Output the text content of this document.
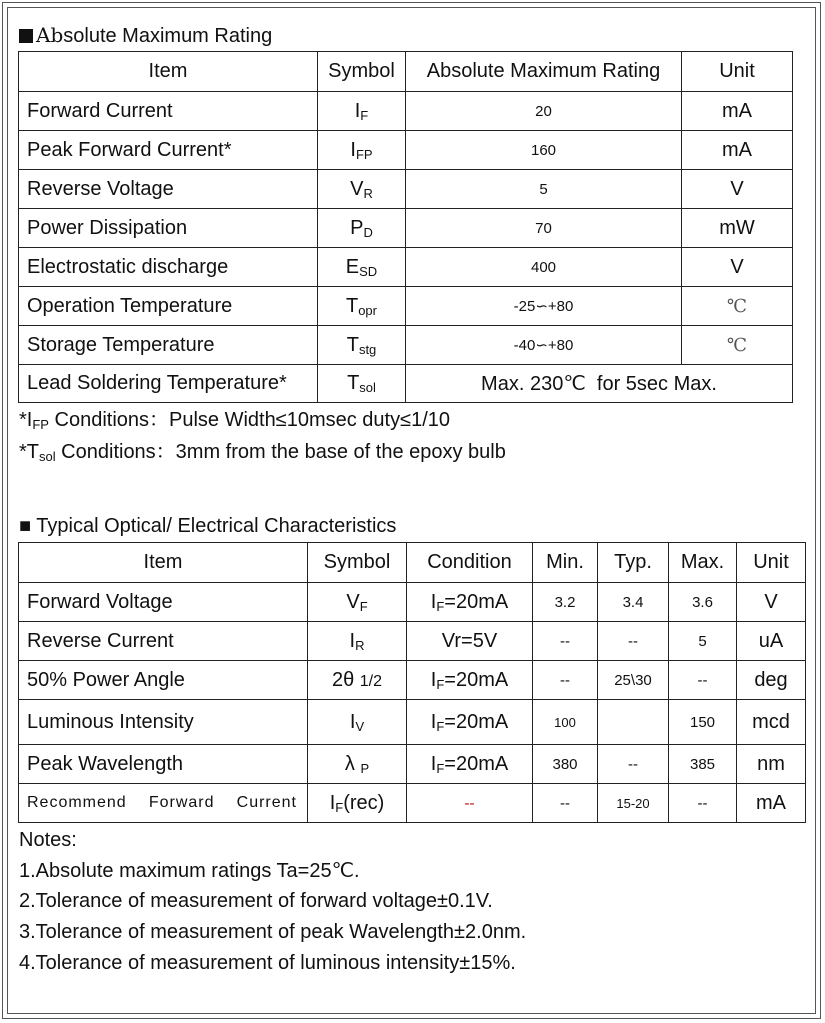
Absolute Maximum Rating
Item	Symbol	Absolute Maximum Rating	Unit
Forward Current	$I_F$	20	mA
Peak Forward Current*	$I_{FP}$	160	mA
Reverse Voltage	$V_R$	5	V
Power Dissipation	$P_D$	70	mW
Electrostatic discharge	$E_{SD}$	400	V
Operation Temperature	$T_{opr}$	-25∽+80	℃
Storage Temperature	$T_{stg}$	-40∽+80	℃
Lead Soldering Temperature*	$T_{sol}$	Max. 230℃  for 5sec Max.	
$*I_{FP}$ Conditions：Pulse Width≤10msec duty≤1/10
$*T_{sol}$ Conditions：3mm from the base of the epoxy bulb
■ Typical Optical/ Electrical Characteristics
Item	Symbol	Condition	Min.	Typ.	Max.	Unit
Forward Voltage	$V_F$	$I_F=20mA$	3.2	3.4	3.6	V
Reverse Current	$I_R$	Vr=5V	--	--	5	uA
50% Power Angle	2θ 1/2	$I_F=20mA$	--	25\30	--	deg
Luminous Intensity	$I_V$	$I_F=20mA$	100		150	mcd
Peak Wavelength	λ $_P$	$I_F=20mA$	380	--	385	nm

Recommend Forward Current	$I_F(rec)$	--	--	15-20	--	mA
Notes:
1.Absolute maximum ratings Ta=25℃.
2.Tolerance of measurement of forward voltage±0.1V.
3.Tolerance of measurement of peak Wavelength±2.0nm.
4.Tolerance of measurement of luminous intensity±15%.
